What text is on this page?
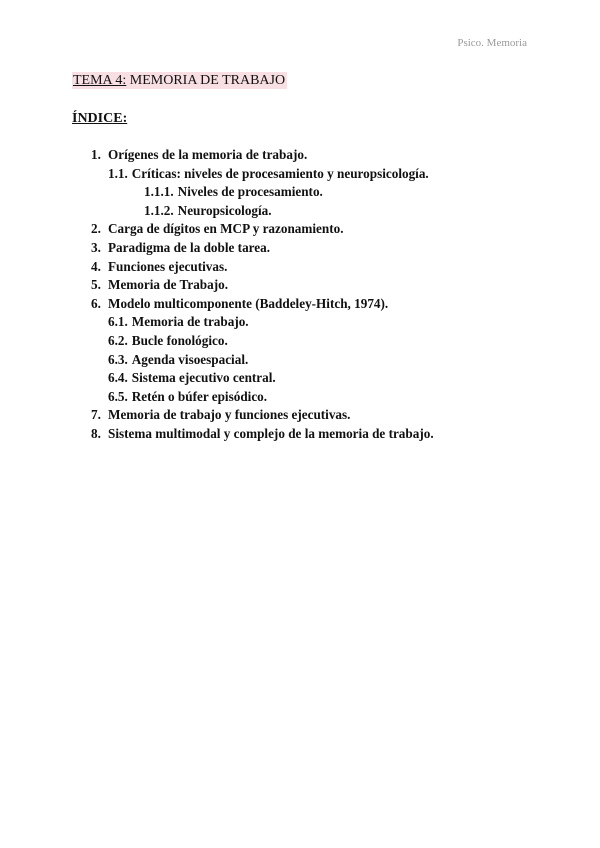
Psico. Memoria
TEMA 4: MEMORIA DE TRABAJO
ÍNDICE:
1. Orígenes de la memoria de trabajo.
1.1. Críticas: niveles de procesamiento y neuropsicología.
1.1.1. Niveles de procesamiento.
1.1.2. Neuropsicología.
2. Carga de dígitos en MCP y razonamiento.
3. Paradigma de la doble tarea.
4. Funciones ejecutivas.
5. Memoria de Trabajo.
6. Modelo multicomponente (Baddeley-Hitch, 1974).
6.1. Memoria de trabajo.
6.2. Bucle fonológico.
6.3. Agenda visoespacial.
6.4. Sistema ejecutivo central.
6.5. Retén o búfer episódico.
7. Memoria de trabajo y funciones ejecutivas.
8. Sistema multimodal y complejo de la memoria de trabajo.
